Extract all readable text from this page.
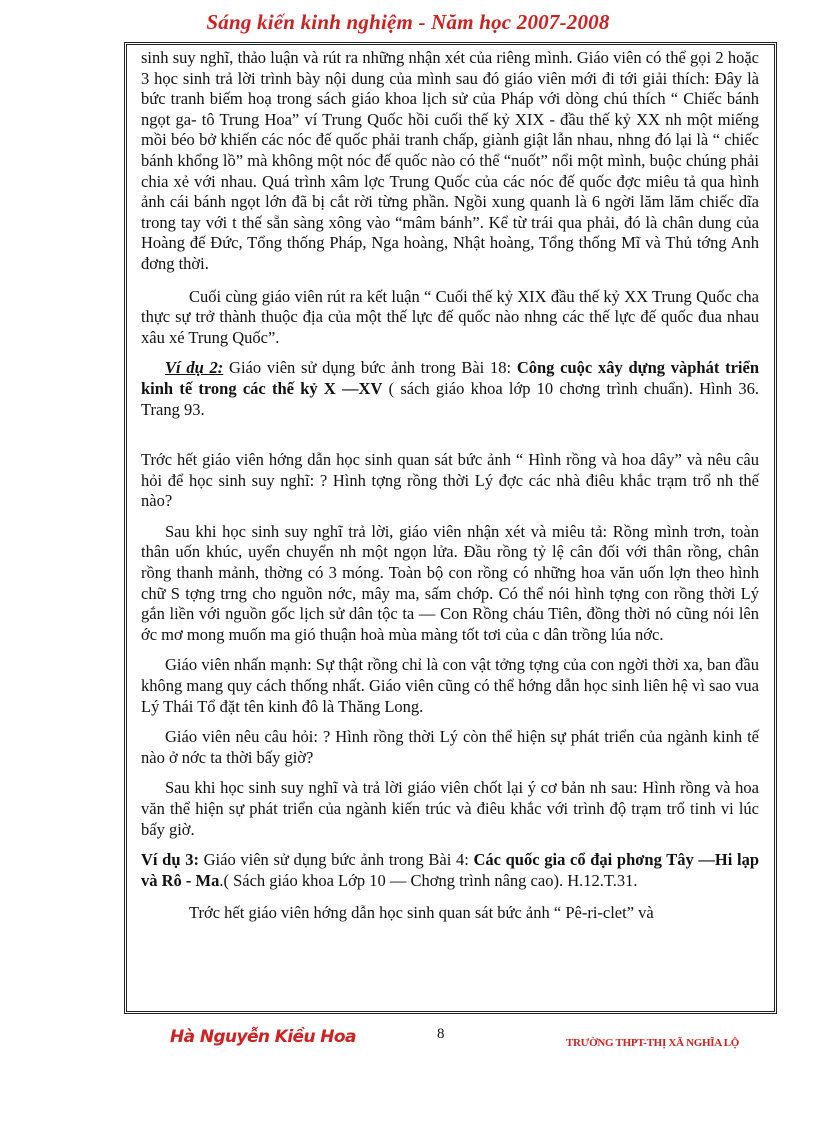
Sáng kiến kinh nghiệm - Năm học 2007-2008

sinh suy nghĩ, thảo luận và rút ra những nhận xét của riêng mình. Giáo viên có thể gọi 2 hoặc 3 học sinh trả lời trình bày nội dung của mình sau đó giáo viên mới đi tới giải thích: Đây là bức tranh biếm hoạ trong sách giáo khoa lịch sử của Pháp với dòng chú thích “ Chiếc bánh ngọt ga- tô Trung Hoa” ví Trung Quốc hồi cuối thế kỷ XIX - đầu thế kỷ XX nh một miếng mồi béo bở khiến các nóc đế quốc phải tranh chấp, giành giật lẫn nhau, nhng đó lại là “ chiếc bánh khổng lồ” mà không một nóc đế quốc nào có thể “nuốt” nổi một mình, buộc chúng phải chia xẻ với nhau. Quá trình xâm lợc Trung Quốc của các nóc đế quốc đợc miêu tả qua hình ảnh cái bánh ngọt lớn đã bị cắt rời từng phần. Ngồi xung quanh là 6 ngời lăm lăm chiếc dĩa trong tay với t thế sẵn sàng xông vào “mâm bánh”. Kể từ trái qua phải, đó là chân dung của Hoàng đế Đức, Tổng thống Pháp, Nga hoàng, Nhật hoàng, Tổng thống Mĩ và Thủ tớng Anh đơng thời.

Cuối cùng giáo viên rút ra kết luận “ Cuối thế kỷ XIX đầu thế kỷ XX Trung Quốc cha thực sự trở thành thuộc địa của một thế lực đế quốc nào nhng các thế lực đế quốc đua nhau xâu xé Trung Quốc”.

Ví dụ 2: Giáo viên sử dụng bức ảnh trong Bài 18: Công cuộc xây dựng vàphát triển kinh tế trong các thế kỷ X —XV ( sách giáo khoa lớp 10 chơng trình chuẩn). Hình 36. Trang 93.

Trớc hết giáo viên hớng dẫn học sinh quan sát bức ảnh “ Hình rồng và hoa dây” và nêu câu hỏi để học sinh suy nghĩ: ? Hình tợng rồng thời Lý đợc các nhà điêu khắc trạm trổ nh thế nào?

Sau khi học sinh suy nghĩ trả lời, giáo viên nhận xét và miêu tả: Rồng mình trơn, toàn thân uốn khúc, uyển chuyển nh một ngọn lửa. Đầu rồng tỷ lệ cân đối với thân rồng, chân rồng thanh mảnh, thờng có 3 móng. Toàn bộ con rồng có những hoa văn uốn lợn theo hình chữ S tợng trng cho nguồn nớc, mây ma, sấm chớp. Có thể nói hình tợng con rồng thời Lý gắn liền với nguồn gốc lịch sử dân tộc ta — Con Rồng cháu Tiên, đồng thời nó cũng nói lên ớc mơ mong muốn ma gió thuận hoà mùa màng tốt tơi của c dân trồng lúa nớc.

Giáo viên nhấn mạnh: Sự thật rồng chỉ là con vật tởng tợng của con ngời thời xa, ban đầu không mang quy cách thống nhất. Giáo viên cũng có thể hớng dẫn học sinh liên hệ vì sao vua Lý Thái Tổ đặt tên kinh đô là Thăng Long.

Giáo viên nêu câu hỏi: ? Hình rồng thời Lý còn thể hiện sự phát triển của ngành kinh tế nào ở nớc ta thời bấy giờ?

Sau khi học sinh suy nghĩ và trả lời giáo viên chốt lại ý cơ bản nh sau: Hình rồng và hoa văn thể hiện sự phát triển của ngành kiến trúc và điêu khắc với trình độ trạm trổ tinh vi lúc bấy giờ.

Ví dụ 3: Giáo viên sử dụng bức ảnh trong Bài 4: Các quốc gia cổ đại phơng Tây —Hi lạp và Rô - Ma.( Sách giáo khoa Lớp 10 — Chơng trình nâng cao). H.12.T.31.

Trớc hết giáo viên hớng dẫn học sinh quan sát bức ảnh “ Pê-ri-clet” và

Hà Nguyễn Kiều Hoa	8
TRƯỜNG THPT-THỊ XÃ NGHĨA LỘ
